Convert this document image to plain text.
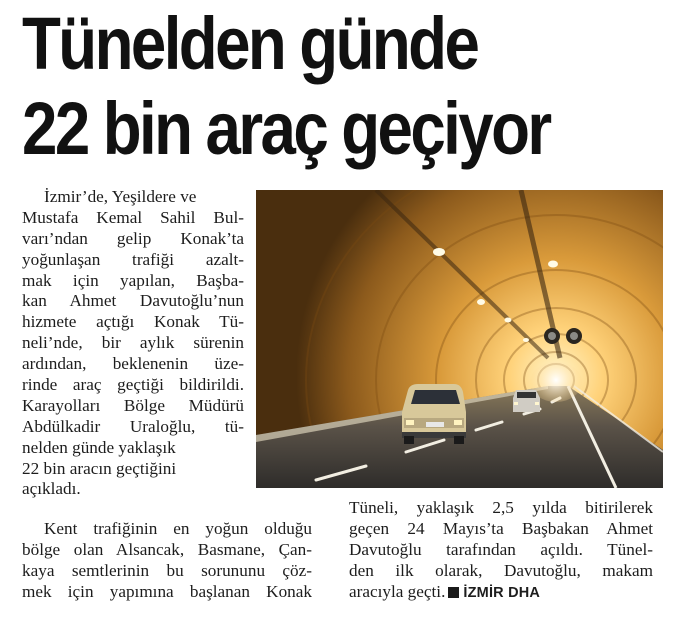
Tünelden günde
22 bin araç geçiyor
İzmir’de, Yeşildere ve
Mustafa Kemal Sahil Bul-
varı’ndan gelip Konak’ta
yoğunlaşan trafiği azalt-
mak için yapılan, Başba-
kan Ahmet Davutoğlu’nun
hizmete açtığı Konak Tü-
neli’nde, bir aylık sürenin
ardından, beklenenin üze-
rinde araç geçtiği bildirildi.
Karayolları Bölge Müdürü
Abdülkadir Uraloğlu, tü-
nelden günde yaklaşık
22 bin aracın geçtiğini
açıkladı.
Kent trafiğinin en yoğun olduğu
bölge olan Alsancak, Basmane, Çan-
kaya semtlerinin bu sorununu çöz-
mek için yapımına başlanan Konak
Tüneli, yaklaşık 2,5 yılda bitirilerek
geçen 24 Mayıs’ta Başbakan Ahmet
Davutoğlu tarafından açıldı. Tünel-
den ilk olarak, Davutoğlu, makam
aracıyla geçti. İZMİR DHA
